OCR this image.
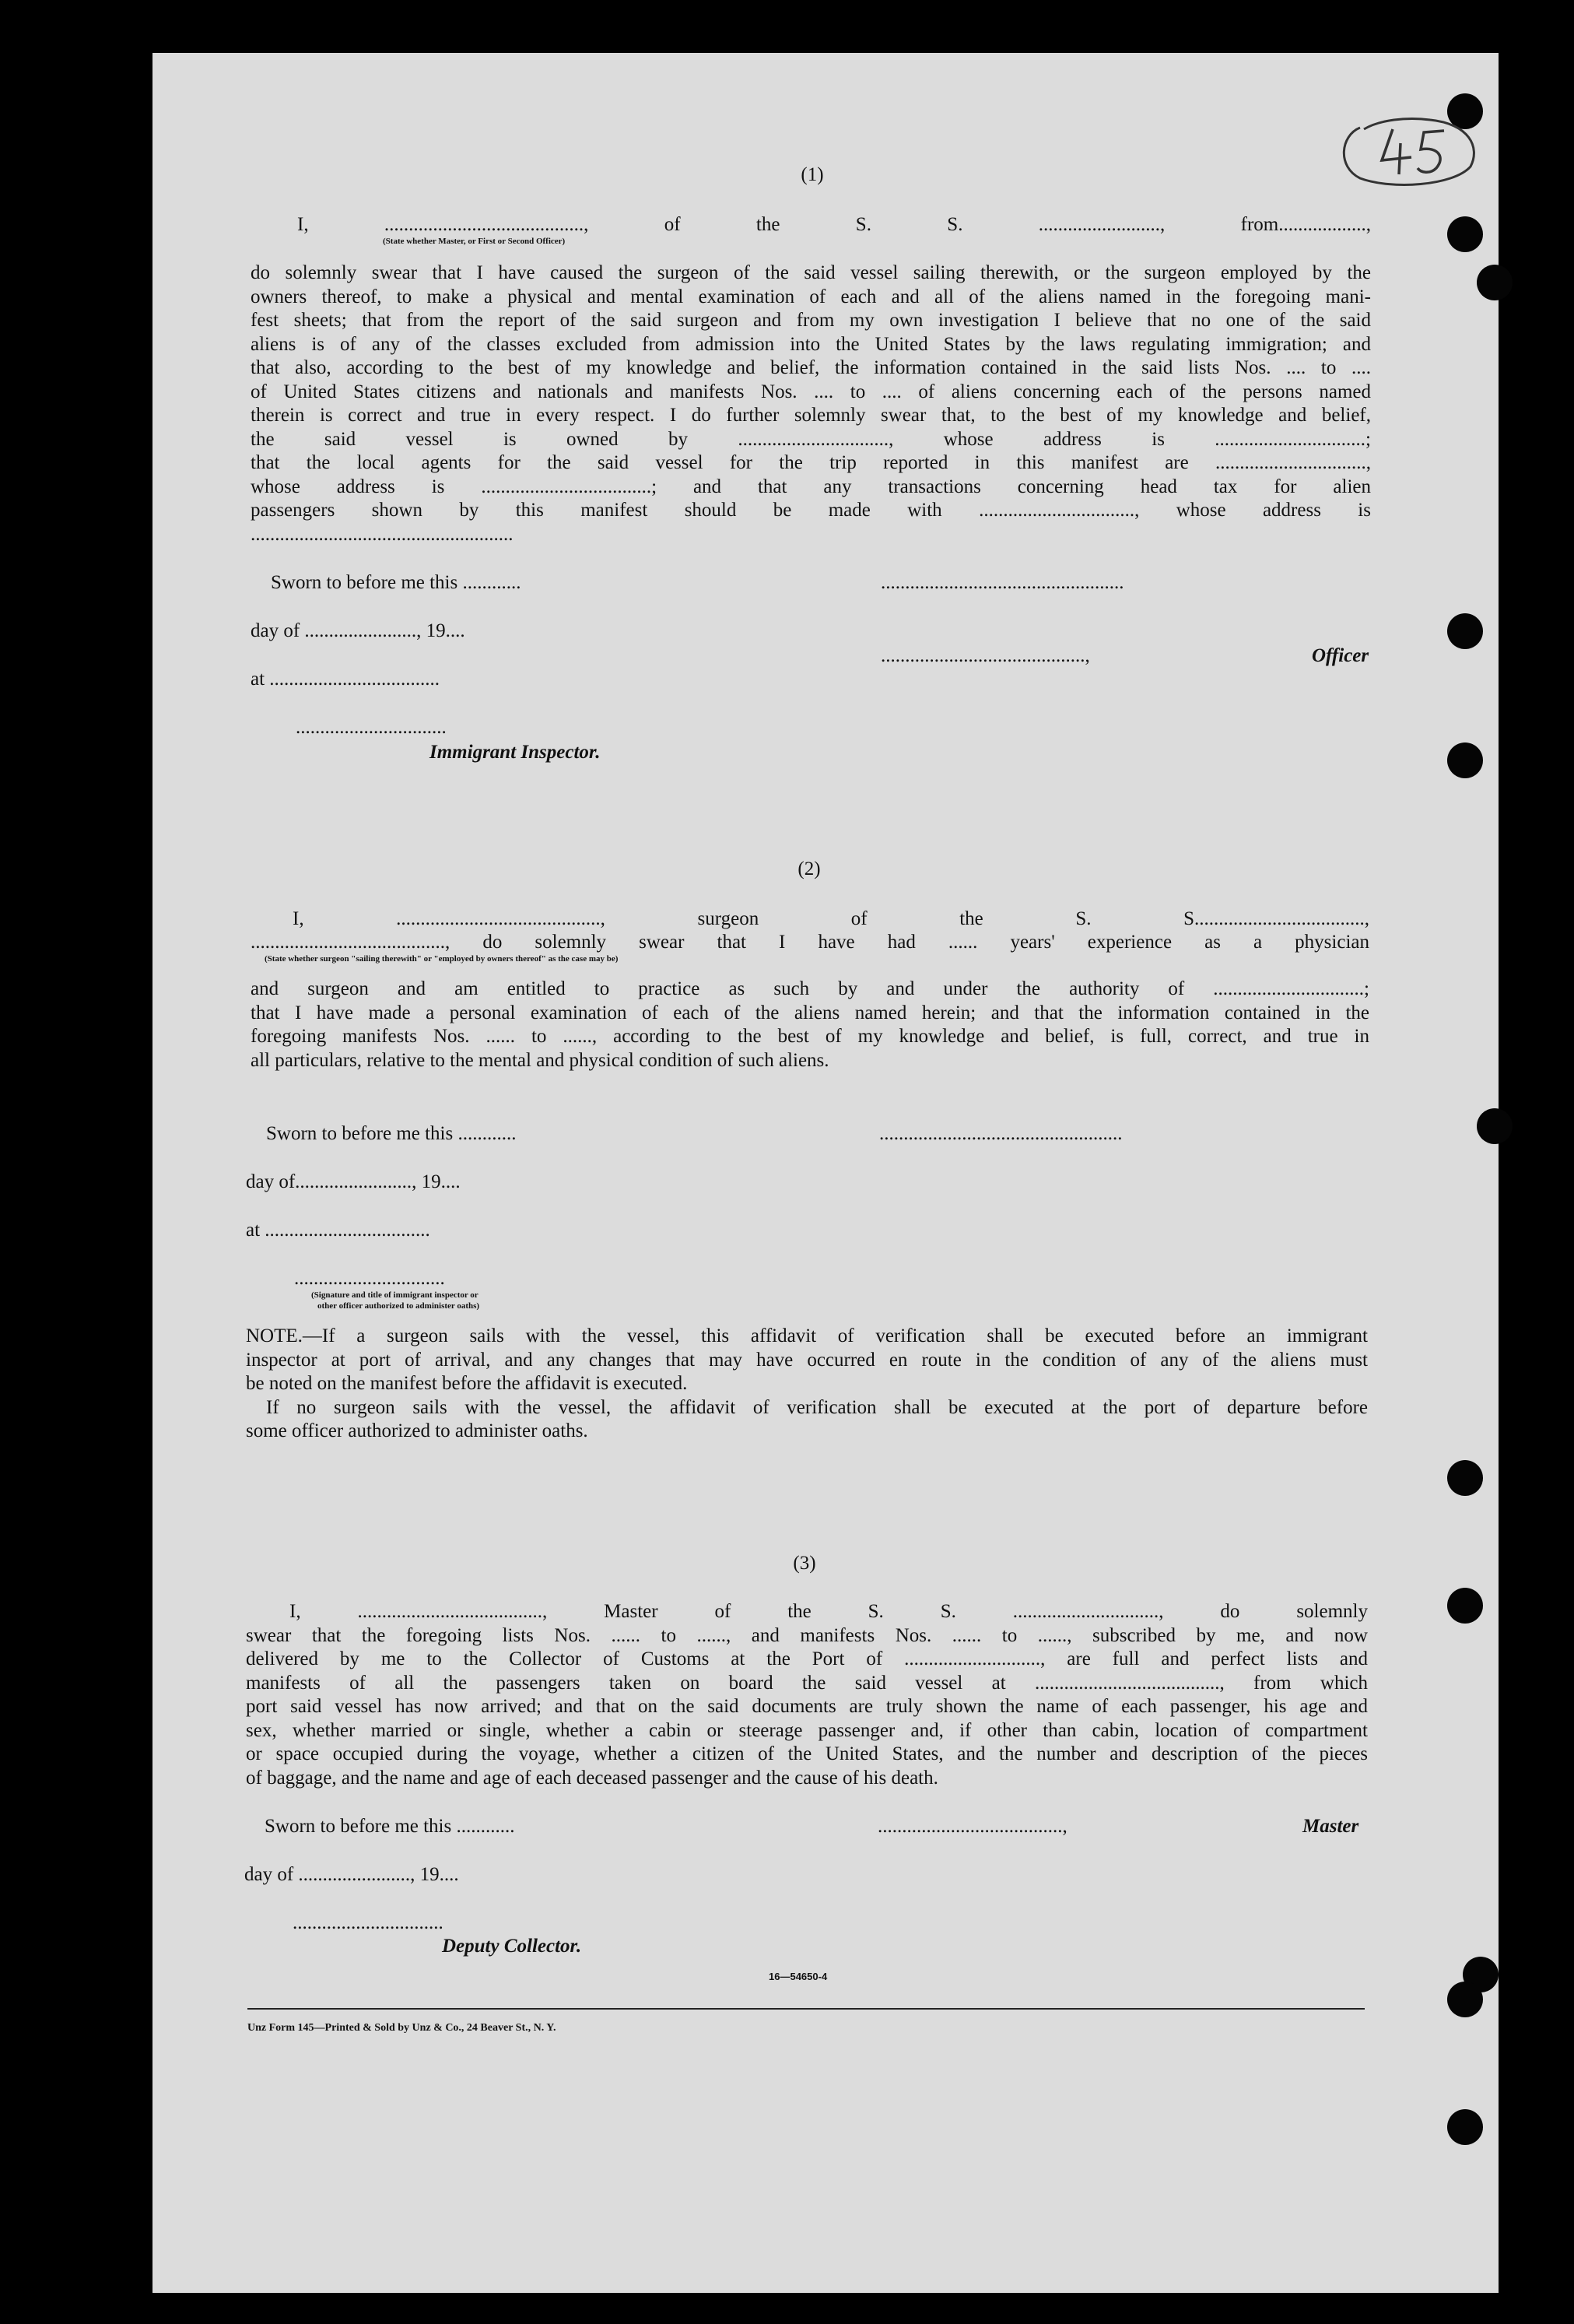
(1)
I, ........................................., of the S. S. ........................., from..................,
(State whether Master, or First or Second Officer)
do solemnly swear that I have caused the surgeon of the said vessel sailing therewith, or the surgeon employed by the
owners thereof, to make a physical and mental examination of each and all of the aliens named in the foregoing mani-
fest sheets; that from the report of the said surgeon and from my own investigation I believe that no one of the said
aliens is of any of the classes excluded from admission into the United States by the laws regulating immigration; and
that also, according to the best of my knowledge and belief, the information contained in the said lists Nos. .... to ....
of United States citizens and nationals and manifests Nos. .... to .... of aliens concerning each of the persons named
therein is correct and true in every respect. I do further solemnly swear that, to the best of my knowledge and belief,
the said vessel is owned by ..............................., whose address is ...............................;
that the local agents for the said vessel for the trip reported in this manifest are ...............................,
whose address is ...................................; and that any transactions concerning head tax for alien
passengers shown by this manifest should be made with ................................, whose address is
......................................................
Sworn to before me this ............	..................................................
day of ......................., 19....
..........................................,	Officer
at ...................................
...............................
Immigrant Inspector.
(2)
I, .........................................., surgeon of the S. S...................................,
........................................, do solemnly swear that I have had ...... years' experience as a physician
(State whether surgeon "sailing therewith" or "employed by owners thereof" as the case may be)
and surgeon and am entitled to practice as such by and under the authority of ...............................;
that I have made a personal examination of each of the aliens named herein; and that the information contained in the
foregoing manifests Nos. ...... to ......, according to the best of my knowledge and belief, is full, correct, and true in
all particulars, relative to the mental and physical condition of such aliens.
Sworn to before me this ............	..................................................
day of........................, 19....
at ..................................
...............................
(Signature and title of immigrant inspector or
other officer authorized to administer oaths)
NOTE.—If a surgeon sails with the vessel, this affidavit of verification shall be executed before an immigrant
inspector at port of arrival, and any changes that may have occurred en route in the condition of any of the aliens must
be noted on the manifest before the affidavit is executed.
If no surgeon sails with the vessel, the affidavit of verification shall be executed at the port of departure before
some officer authorized to administer oaths.
(3)
I, ......................................, Master of the S. S. .............................., do solemnly
swear that the foregoing lists Nos. ...... to ......, and manifests Nos. ...... to ......, subscribed by me, and now
delivered by me to the Collector of Customs at the Port of ............................, are full and perfect lists and
manifests of all the passengers taken on board the said vessel at ......................................, from which
port said vessel has now arrived; and that on the said documents are truly shown the name of each passenger, his age and
sex, whether married or single, whether a cabin or steerage passenger and, if other than cabin, location of compartment
or space occupied during the voyage, whether a citizen of the United States, and the number and description of the pieces
of baggage, and the name and age of each deceased passenger and the cause of his death.
Sworn to before me this ............	......................................,	Master
day of ......................., 19....
...............................
Deputy Collector.
16—54650-4
Unz Form 145—Printed & Sold by Unz & Co., 24 Beaver St., N. Y.
